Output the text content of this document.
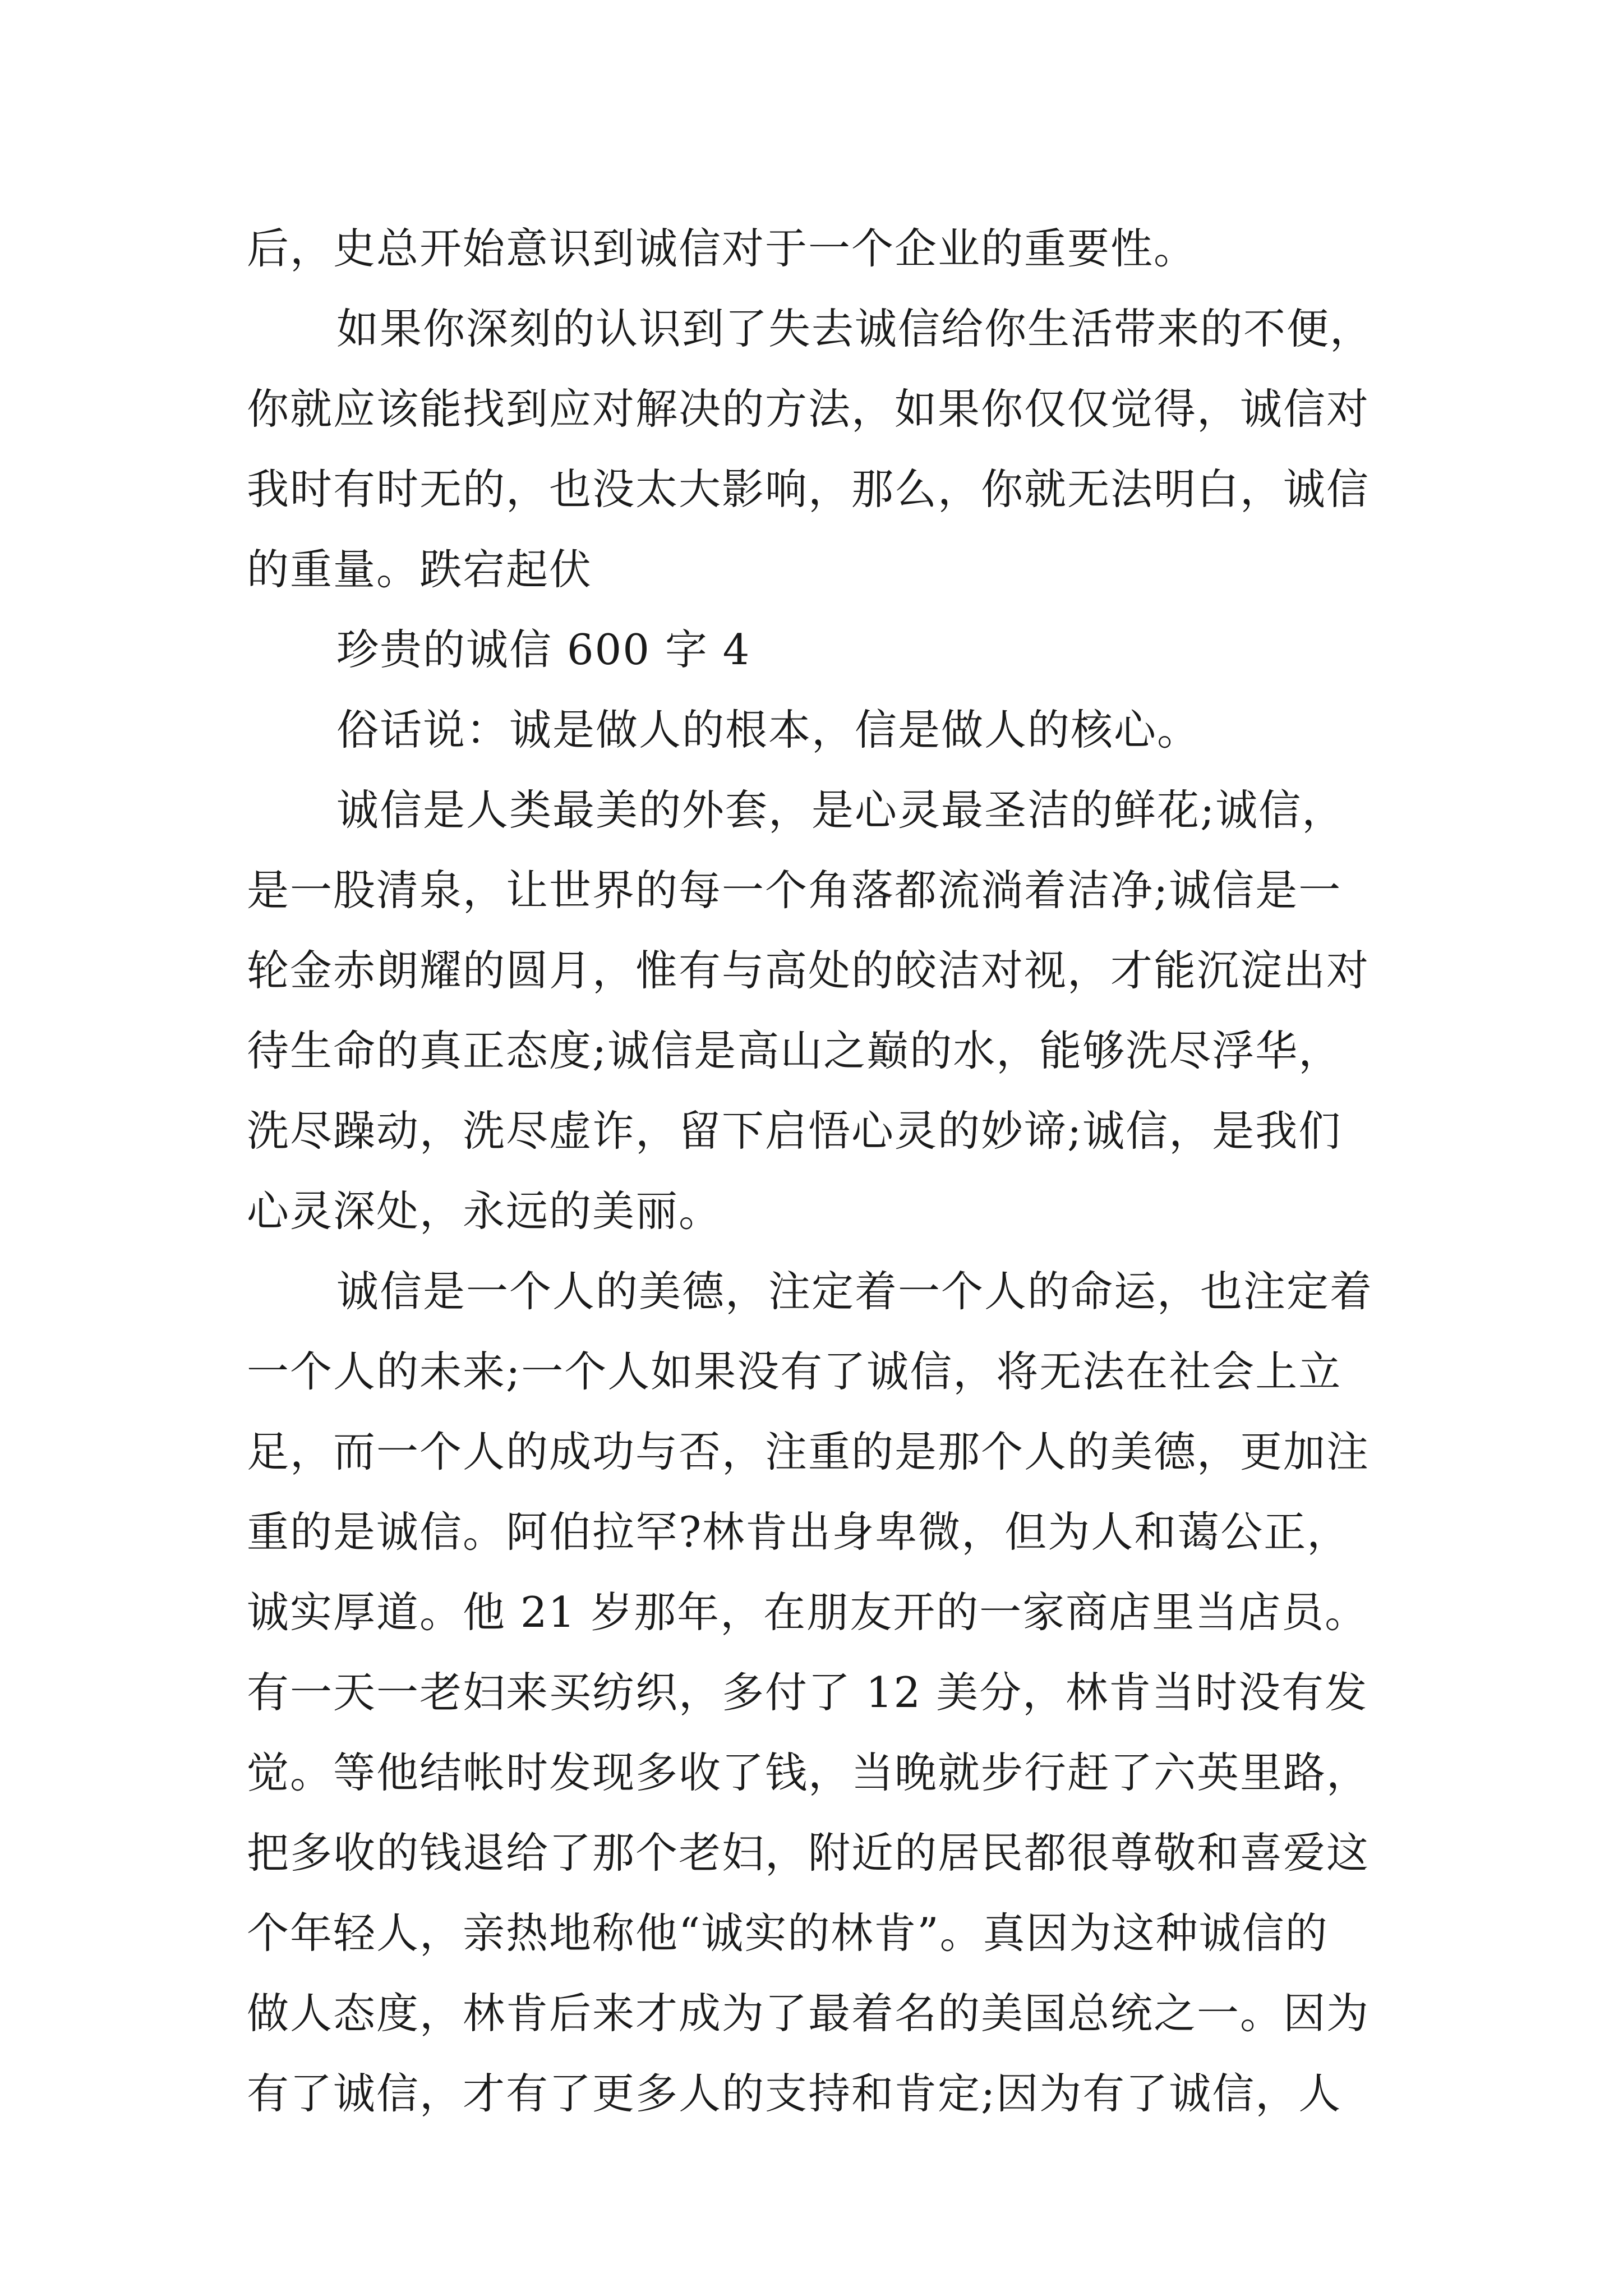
后，史总开始意识到诚信对于一个企业的重要性。
如果你深刻的认识到了失去诚信给你生活带来的不便，
你就应该能找到应对解决的方法，如果你仅仅觉得，诚信对
我时有时无的，也没太大影响，那么，你就无法明白，诚信
的重量。跌宕起伏
珍贵的诚信 600 字 4
俗话说：诚是做人的根本，信是做人的核心。
诚信是人类最美的外套，是心灵最圣洁的鲜花;诚信，
是一股清泉，让世界的每一个角落都流淌着洁净;诚信是一
轮金赤朗耀的圆月，惟有与高处的皎洁对视，才能沉淀出对
待生命的真正态度;诚信是高山之巅的水，能够洗尽浮华，
洗尽躁动，洗尽虚诈，留下启悟心灵的妙谛;诚信，是我们
心灵深处，永远的美丽。
诚信是一个人的美德，注定着一个人的命运，也注定着
一个人的未来;一个人如果没有了诚信，将无法在社会上立
足，而一个人的成功与否，注重的是那个人的美德，更加注
重的是诚信。阿伯拉罕?林肯出身卑微，但为人和蔼公正，
诚实厚道。他 21 岁那年，在朋友开的一家商店里当店员。
有一天一老妇来买纺织，多付了 12 美分，林肯当时没有发
觉。等他结帐时发现多收了钱，当晚就步行赶了六英里路，
把多收的钱退给了那个老妇，附近的居民都很尊敬和喜爱这
个年轻人，亲热地称他“诚实的林肯”。真因为这种诚信的
做人态度，林肯后来才成为了最着名的美国总统之一。因为
有了诚信，才有了更多人的支持和肯定;因为有了诚信，人
